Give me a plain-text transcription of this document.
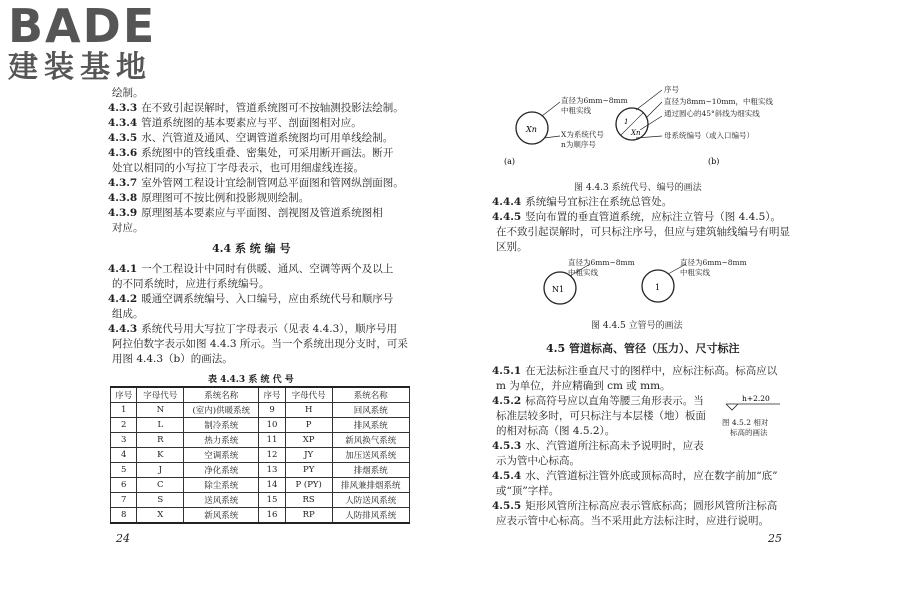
BADE
建装基地
绘制。
4.3.3 在不致引起误解时，管道系统图可不按轴测投影法绘制。
4.3.4 管道系统图的基本要素应与平、剖面图相对应。
4.3.5 水、汽管道及通风、空调管道系统图均可用单线绘制。
4.3.6 系统图中的管线重叠、密集处，可采用断开画法。断开
处宜以相同的小写拉丁字母表示，也可用细虚线连接。
4.3.7 室外管网工程设计宜绘制管网总平面图和管网纵剖面图。
4.3.8 原理图可不按比例和投影规则绘制。
4.3.9 原理图基本要素应与平面图、剖视图及管道系统图相
对应。
4.4 系 统 编 号
4.4.1 一个工程设计中同时有供暖、通风、空调等两个及以上
的不同系统时，应进行系统编号。
4.4.2 暖通空调系统编号、入口编号，应由系统代号和顺序号
组成。
4.4.3 系统代号用大写拉丁字母表示（见表 4.4.3），顺序号用
阿拉伯数字表示如图 4.4.3 所示。当一个系统出现分支时，可采
用图 4.4.3（b）的画法。
表 4.4.3 系 统 代 号
序号	字母代号	系统名称	序号	字母代号	系统名称
1	N	(室内)供暖系统	9	H	回风系统
2	L	制冷系统	10	P	排风系统
3	R	热力系统	11	XP	新风换气系统
4	K	空调系统	12	JY	加压送风系统
5	J	净化系统	13	PY	排烟系统
6	C	除尘系统	14	P (PY)	排风兼排烟系统
7	S	送风系统	15	RS	人防送风系统
8	X	新风系统	16	RP	人防排风系统
24
Xn
(a)
1
Xn
(b)
直径为6mm~8mm
中粗实线
X为系统代号
n为顺序号
序号
直径为8mm~10mm，中粗实线
通过圆心的45°斜线为细实线
母系统编号（或入口编号）
图 4.4.3 系统代号、编号的画法
4.4.4 系统编号宜标注在系统总管处。
4.4.5 竖向布置的垂直管道系统，应标注立管号（图 4.4.5）。
在不致引起误解时，可只标注序号，但应与建筑轴线编号有明显
区别。
N1	1
直径为6mm~8mm
中粗实线
直径为6mm~8mm
中粗实线
图 4.4.5 立管号的画法
4.5 管道标高、管径（压力）、尺寸标注
4.5.1 在无法标注垂直尺寸的图样中，应标注标高。标高应以
m 为单位，并应精确到 cm 或 mm。
4.5.2 标高符号应以直角等腰三角形表示。当
标准层较多时，可只标注与本层楼（地）板面
的相对标高（图 4.5.2）。
4.5.3 水、汽管道所注标高未予说明时，应表
示为管中心标高。
4.5.4 水、汽管道标注管外底或顶标高时，应在数字前加“底”
或“顶”字样。
4.5.5 矩形风管所注标高应表示管底标高；圆形风管所注标高
应表示管中心标高。当不采用此方法标注时，应进行说明。
h+2.20
图 4.5.2 相对
标高的画法
25
